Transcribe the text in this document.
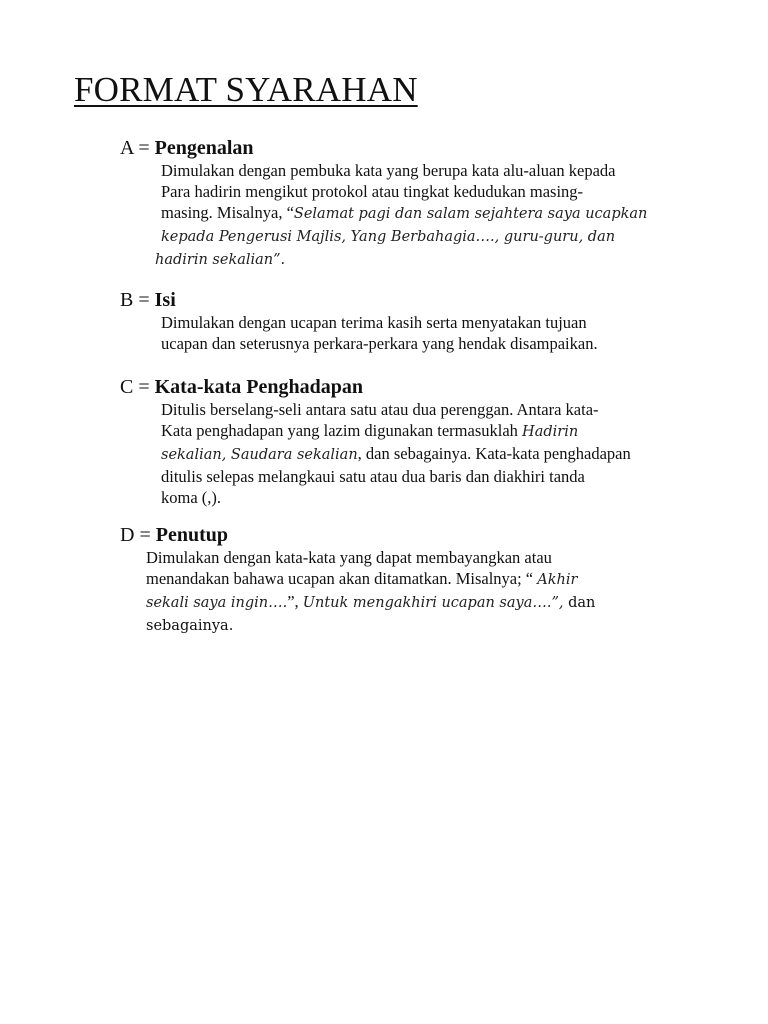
FORMAT SYARAHAN
A = Pengenalan
Dimulakan dengan pembuka kata yang berupa kata alu-aluan kepada
Para hadirin mengikut protokol atau tingkat kedudukan masing-
masing. Misalnya, “Selamat pagi dan salam sejahtera saya ucapkan
kepada Pengerusi Majlis, Yang Berbahagia…., guru-guru, dan
hadirin sekalian”.
B = Isi
Dimulakan dengan ucapan terima kasih serta menyatakan tujuan
ucapan dan seterusnya perkara-perkara yang hendak disampaikan.
C = Kata-kata Penghadapan
Ditulis berselang-seli antara satu atau dua perenggan. Antara kata-
Kata penghadapan yang lazim digunakan termasuklah Hadirin
sekalian, Saudara sekalian, dan sebagainya. Kata-kata penghadapan
ditulis selepas melangkaui satu atau dua baris dan diakhiri tanda
koma (,).
D = Penutup
Dimulakan dengan kata-kata yang dapat membayangkan atau
menandakan bahawa ucapan akan ditamatkan. Misalnya; “ Akhir
sekali saya ingin….”, Untuk mengakhiri ucapan saya….”, dan
sebagainya.
